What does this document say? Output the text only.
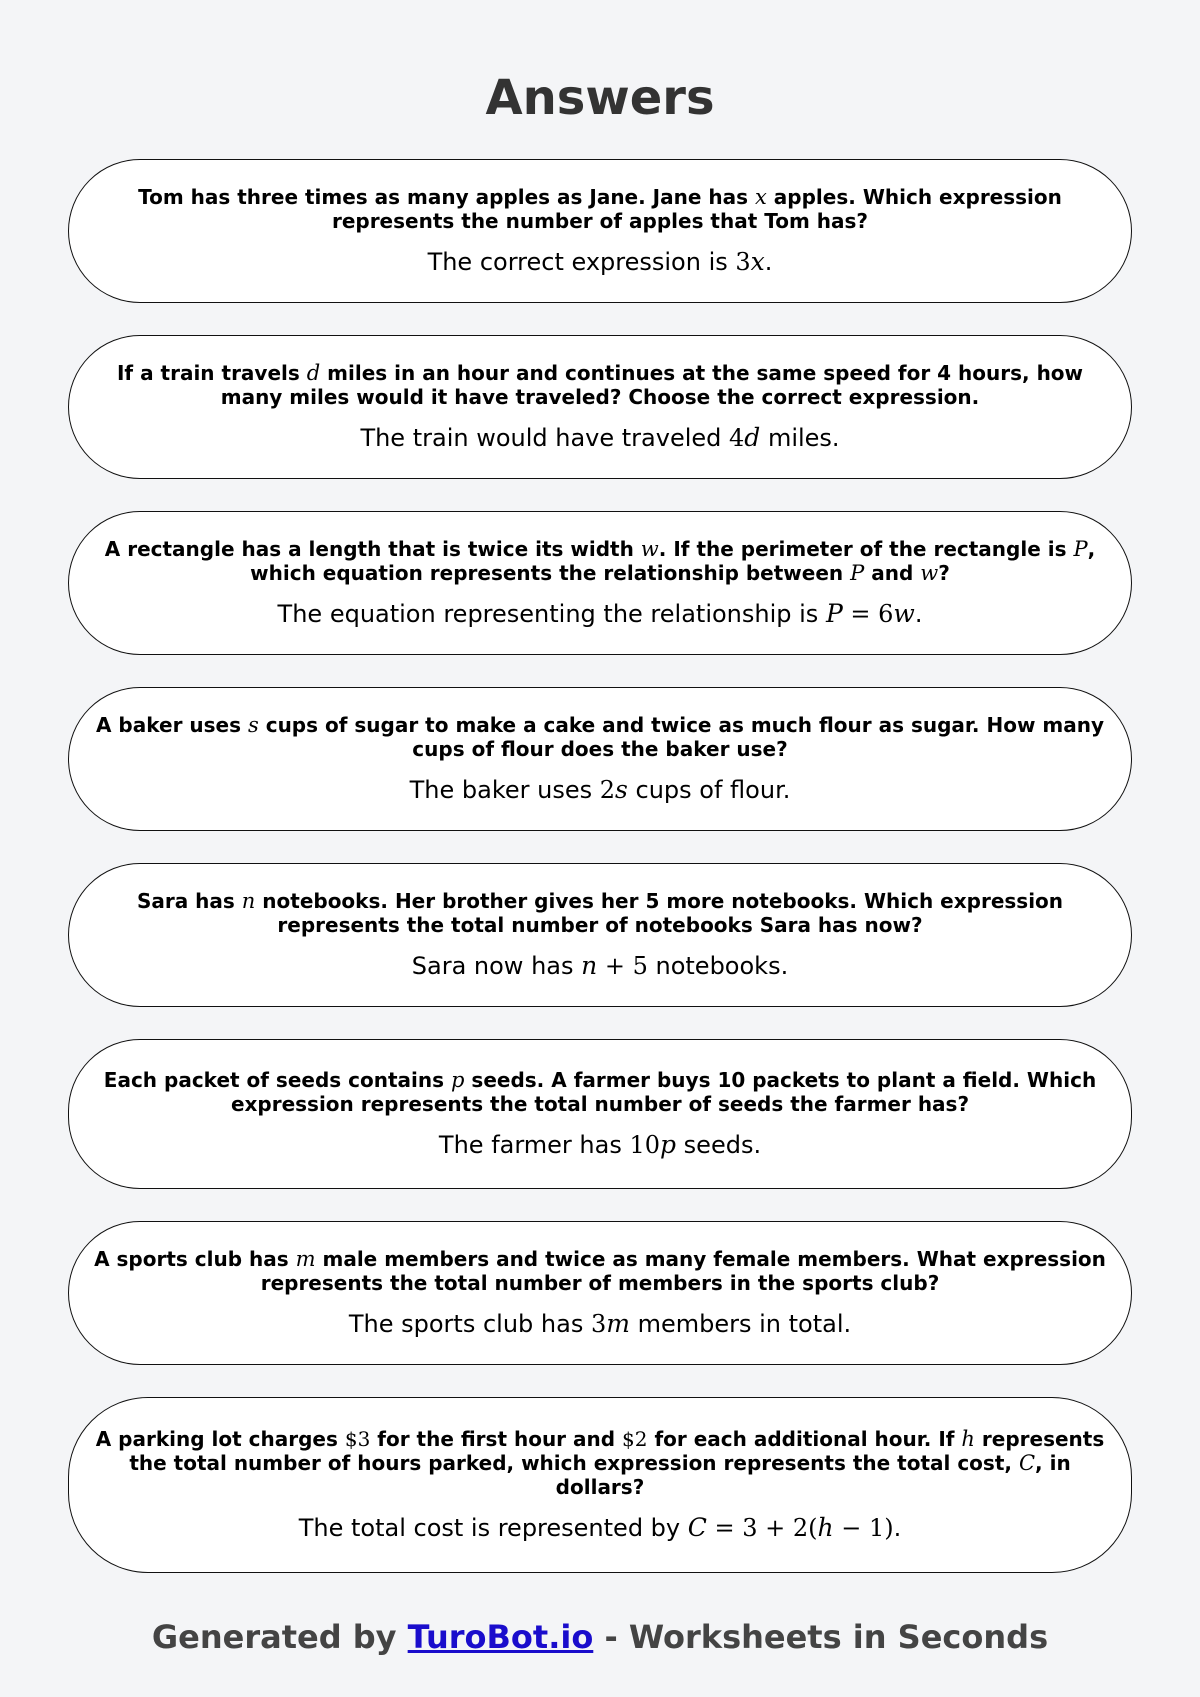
Answers

Tom has three times as many apples as Jane. Jane has x apples. Which expression represents the number of apples that Tom has?

The correct expression is 3x.

If a train travels d miles in an hour and continues at the same speed for 4 hours, how many miles would it have traveled? Choose the correct expression.

The train would have traveled 4d miles.

A rectangle has a length that is twice its width w. If the perimeter of the rectangle is P, which equation represents the relationship between P and w?

The equation representing the relationship is P = 6w.

A baker uses s cups of sugar to make a cake and twice as much flour as sugar. How many cups of flour does the baker use?

The baker uses 2s cups of flour.

Sara has n notebooks. Her brother gives her 5 more notebooks. Which expression represents the total number of notebooks Sara has now?

Sara now has n + 5 notebooks.

Each packet of seeds contains p seeds. A farmer buys 10 packets to plant a field. Which expression represents the total number of seeds the farmer has?

The farmer has 10p seeds.

A sports club has m male members and twice as many female members. What expression represents the total number of members in the sports club?

The sports club has 3m members in total.

A parking lot charges $3 for the first hour and $2 for each additional hour. If h represents the total number of hours parked, which expression represents the total cost, C, in dollars?

The total cost is represented by C = 3 + 2(h − 1).
Generated by TuroBot.io - Worksheets in Seconds
